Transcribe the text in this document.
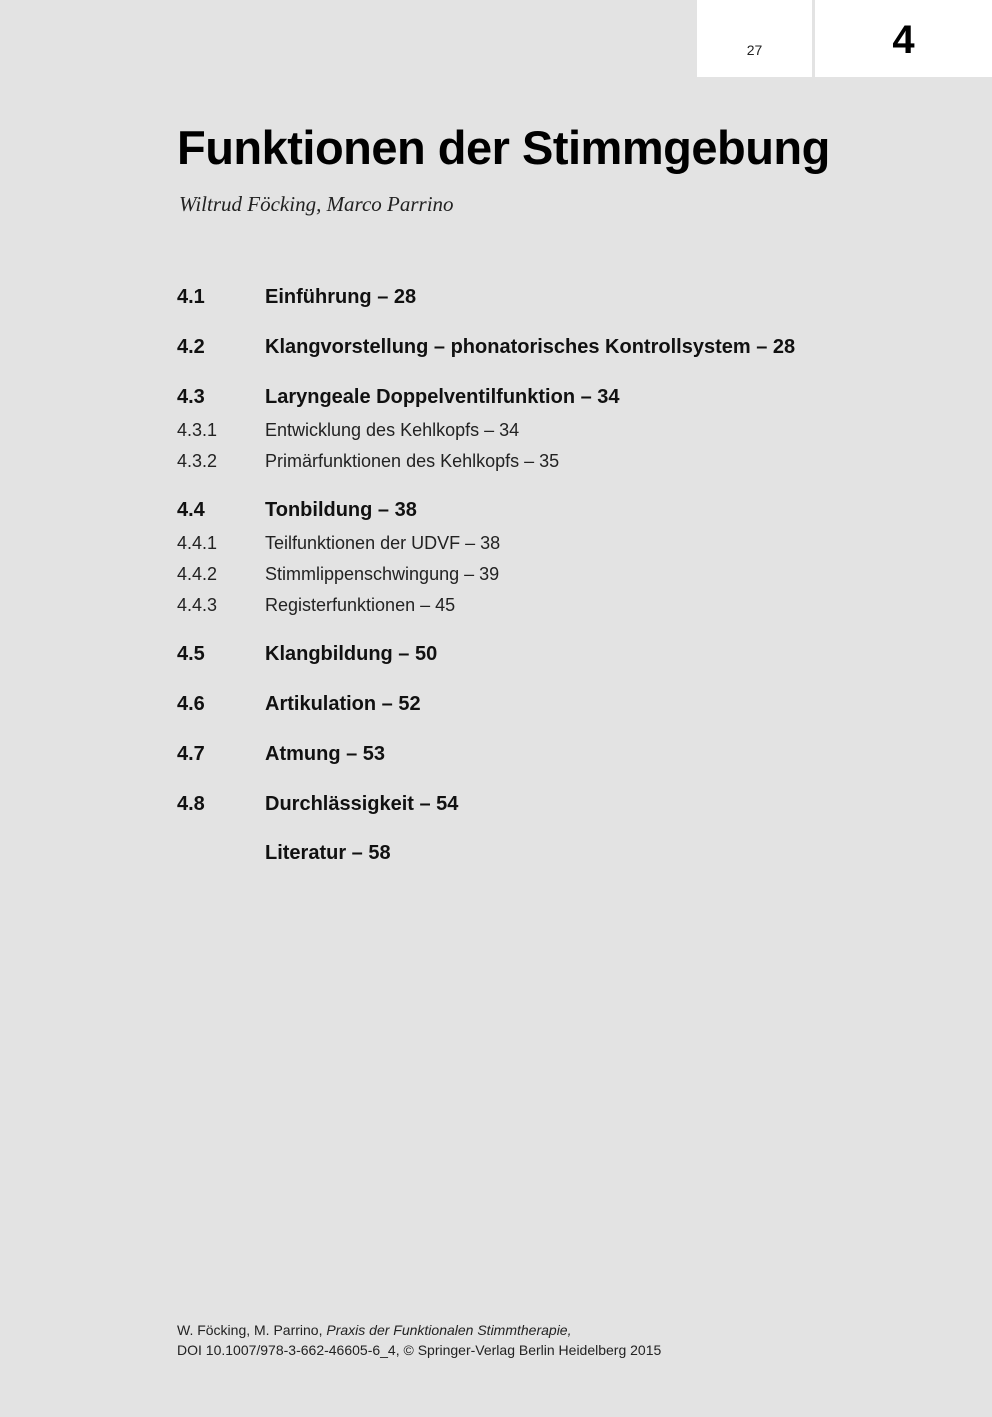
27	4
Funktionen der Stimmgebung
Wiltrud Föcking, Marco Parrino
4.1	Einführung – 28
4.2	Klangvorstellung – phonatorisches Kontrollsystem – 28
4.3	Laryngeale Doppelventilfunktion – 34
4.3.1	Entwicklung des Kehlkopfs – 34
4.3.2	Primärfunktionen des Kehlkopfs – 35
4.4	Tonbildung – 38
4.4.1	Teilfunktionen der UDVF – 38
4.4.2	Stimmlippenschwingung – 39
4.4.3	Registerfunktionen – 45
4.5	Klangbildung – 50
4.6	Artikulation – 52
4.7	Atmung – 53
4.8	Durchlässigkeit – 54
Literatur – 58
W. Föcking, M. Parrino, Praxis der Funktionalen Stimmtherapie,
DOI 10.1007/978-3-662-46605-6_4, © Springer-Verlag Berlin Heidelberg 2015
